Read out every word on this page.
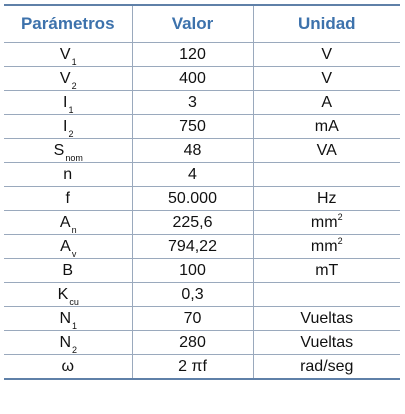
Parámetros	Valor	Unidad
$V_1$	120	V
$V_2$	400	V
$I_1$	3	A
$I_2$	750	mA
$S_{nom}$	48	VA
n	4	
f	50.000	Hz
$A_n$	225,6	$mm^2$
$A_v$	794,22	$mm^2$
B	100	mT
$K_{cu}$	0,3	
$N_1$	70	Vueltas
$N_2$	280	Vueltas
ω	2 πf	rad/seg
